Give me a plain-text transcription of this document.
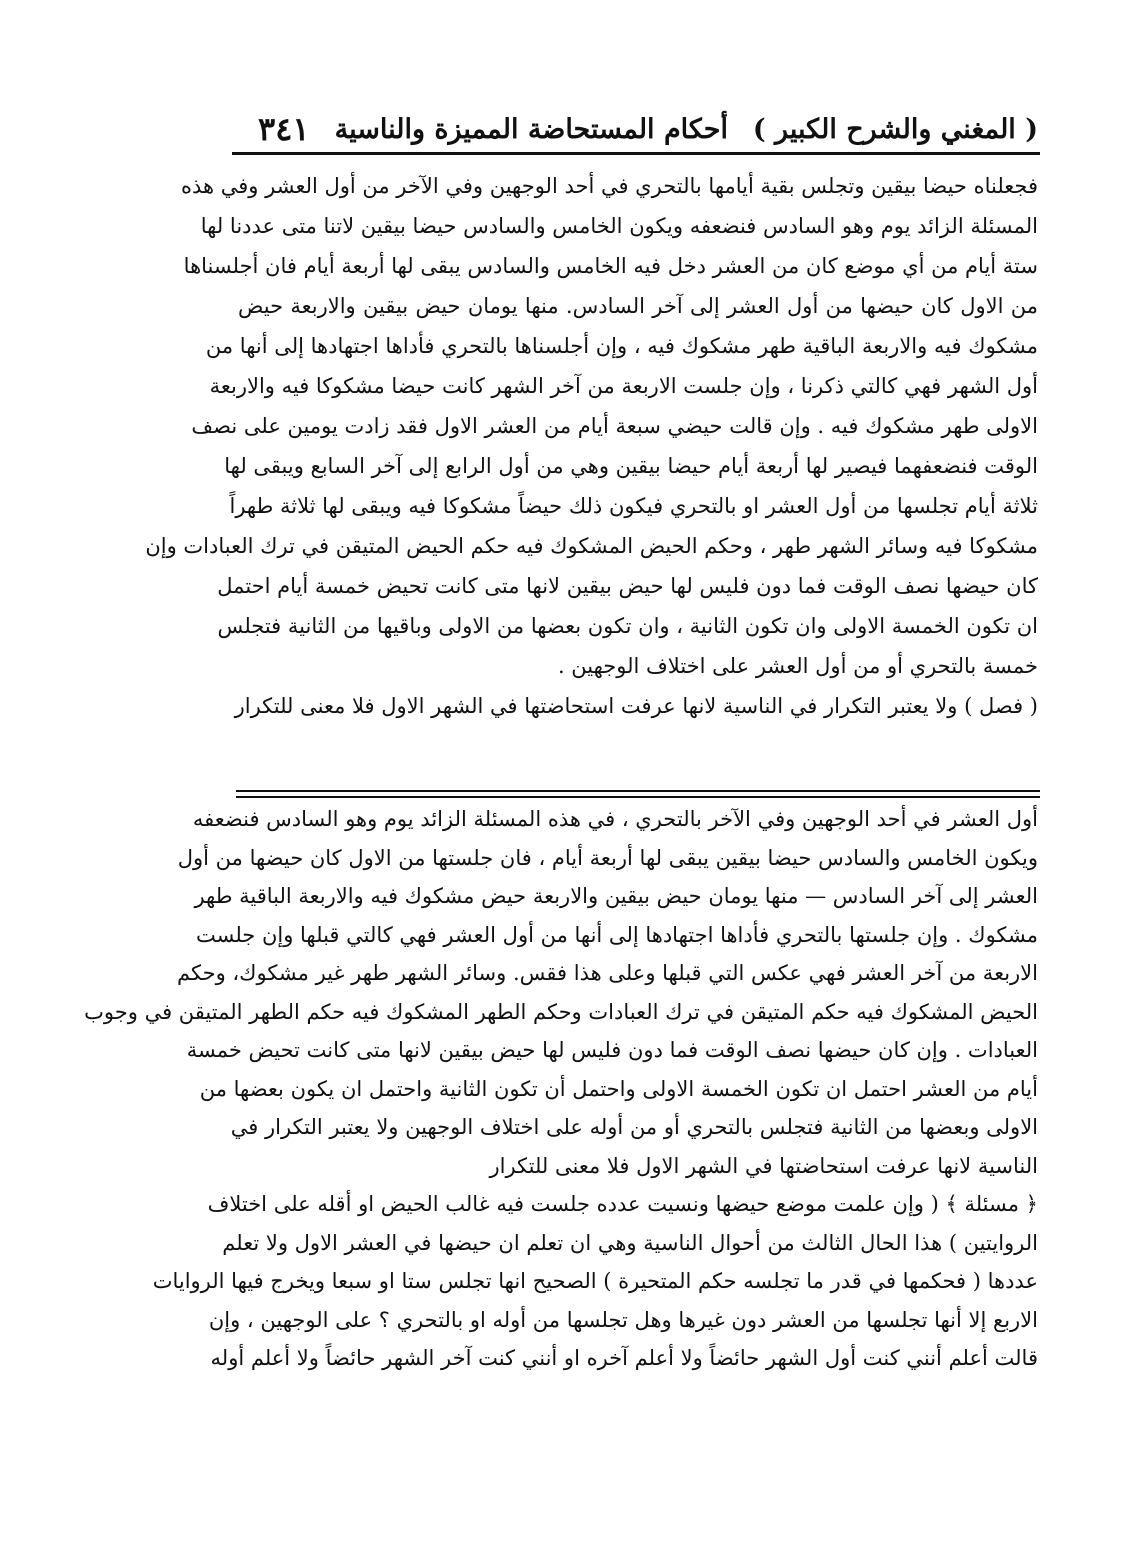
( المغني والشرح الكبير )
أحكام المستحاضة المميزة والناسية
٣٤١
فجعلناه حيضا بيقين وتجلس بقية أيامها بالتحري في أحد الوجهين وفي الآخر من أول العشر وفي هذه
المسئلة الزائد يوم وهو السادس فنضعفه ويكون الخامس والسادس حيضا بيقين لاتنا متى عددنا لها
ستة أيام من أي موضع كان من العشر دخل فيه الخامس والسادس يبقى لها أربعة أيام فان أجلسناها
من الاول كان حيضها من أول العشر إلى آخر السادس. منها يومان حيض بيقين والاربعة حيض
مشكوك فيه والاربعة الباقية طهر مشكوك فيه ، وإن أجلسناها بالتحري فأداها اجتهادها إلى أنها من
أول الشهر فهي كالتي ذكرنا ، وإن جلست الاربعة من آخر الشهر كانت حيضا مشكوكا فيه والاربعة
الاولى طهر مشكوك فيه . وإن قالت حيضي سبعة أيام من العشر الاول فقد زادت يومين على نصف
الوقت فنضعفهما فيصير لها أربعة أيام حيضا بيقين وهي من أول الرابع إلى آخر السابع ويبقى لها
ثلاثة أيام تجلسها من أول العشر او بالتحري فيكون ذلك حيضاً مشكوكا فيه ويبقى لها ثلاثة طهراً
مشكوكا فيه وسائر الشهر طهر ، وحكم الحيض المشكوك فيه حكم الحيض المتيقن في ترك العبادات وإن
كان حيضها نصف الوقت فما دون فليس لها حيض بيقين لانها متى كانت تحيض خمسة أيام احتمل
ان تكون الخمسة الاولى وان تكون الثانية ، وان تكون بعضها من الاولى وباقيها من الثانية فتجلس
خمسة بالتحري أو من أول العشر على اختلاف الوجهين .
( فصل ) ولا يعتبر التكرار في الناسية لانها عرفت استحاضتها في الشهر الاول فلا معنى للتكرار
أول العشر في أحد الوجهين وفي الآخر بالتحري ، في هذه المسئلة الزائد يوم وهو السادس فنضعفه
ويكون الخامس والسادس حيضا بيقين يبقى لها أربعة أيام ، فان جلستها من الاول كان حيضها من أول
العشر إلى آخر السادس — منها يومان حيض بيقين والاربعة حيض مشكوك فيه والاربعة الباقية طهر
مشكوك . وإن جلستها بالتحري فأداها اجتهادها إلى أنها من أول العشر فهي كالتي قبلها وإن جلست
الاربعة من آخر العشر فهي عكس التي قبلها وعلى هذا فقس. وسائر الشهر طهر غير مشكوك، وحكم
الحيض المشكوك فيه حكم المتيقن في ترك العبادات وحكم الطهر المشكوك فيه حكم الطهر المتيقن في وجوب
العبادات . وإن كان حيضها نصف الوقت فما دون فليس لها حيض بيقين لانها متى كانت تحيض خمسة
أيام من العشر احتمل ان تكون الخمسة الاولى واحتمل أن تكون الثانية واحتمل ان يكون بعضها من
الاولى وبعضها من الثانية فتجلس بالتحري أو من أوله على اختلاف الوجهين ولا يعتبر التكرار في
الناسية لانها عرفت استحاضتها في الشهر الاول فلا معنى للتكرار
﴿ مسئلة ﴾ ( وإن علمت موضع حيضها ونسيت عدده جلست فيه غالب الحيض او أقله على اختلاف
الروايتين ) هذا الحال الثالث من أحوال الناسية وهي ان تعلم ان حيضها في العشر الاول ولا تعلم
عددها ( فحكمها في قدر ما تجلسه حكم المتحيرة ) الصحيح انها تجلس ستا او سبعا ويخرج فيها الروايات
الاربع إلا أنها تجلسها من العشر دون غيرها وهل تجلسها من أوله او بالتحري ؟ على الوجهين ، وإن
قالت أعلم أنني كنت أول الشهر حائضاً ولا أعلم آخره او أنني كنت آخر الشهر حائضاً ولا أعلم أوله
